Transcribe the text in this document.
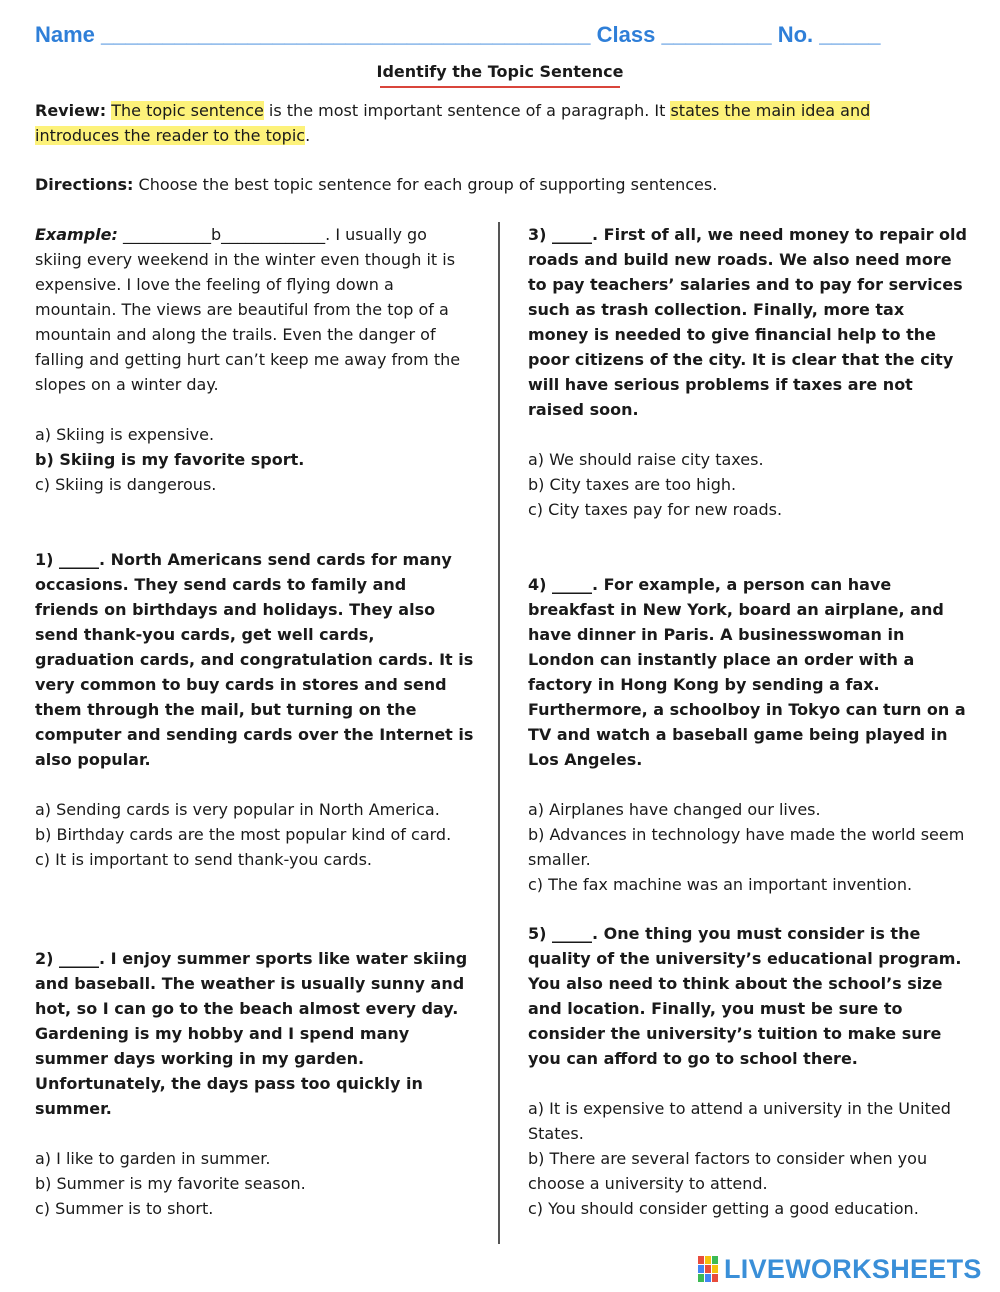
Name ________________________________________ Class _________ No. _____
Identify the Topic Sentence
Review: The topic sentence is the most important sentence of a paragraph. It states the main idea and introduces the reader to the topic.
Directions: Choose the best topic sentence for each group of supporting sentences.

Example: ___________b_____________. I usually go skiing every weekend in the winter even though it is expensive. I love the feeling of flying down a mountain. The views are beautiful from the top of a mountain and along the trails. Even the danger of falling and getting hurt can’t keep me away from the slopes on a winter day.

a) Skiing is expensive.
b) Skiing is my favorite sport.
c) Skiing is dangerous.

1) _____. North Americans send cards for many occasions. They send cards to family and friends on birthdays and holidays. They also send thank-you cards, get well cards, graduation cards, and congratulation cards. It is very common to buy cards in stores and send them through the mail, but turning on the computer and sending cards over the Internet is also popular.

a) Sending cards is very popular in North America.
b) Birthday cards are the most popular kind of card.
c) It is important to send thank-you cards.

2) _____. I enjoy summer sports like water skiing and baseball. The weather is usually sunny and hot, so I can go to the beach almost every day. Gardening is my hobby and I spend many summer days working in my garden. Unfortunately, the days pass too quickly in summer.

a) I like to garden in summer.
b) Summer is my favorite season.
c) Summer is to short.

3) _____. First of all, we need money to repair old roads and build new roads. We also need more to pay teachers’ salaries and to pay for services such as trash collection. Finally, more tax money is needed to give financial help to the poor citizens of the city. It is clear that the city will have serious problems if taxes are not raised soon.

a) We should raise city taxes.
b) City taxes are too high.
c) City taxes pay for new roads.

4) _____. For example, a person can have breakfast in New York, board an airplane, and have dinner in Paris. A businesswoman in London can instantly place an order with a factory in Hong Kong by sending a fax. Furthermore, a schoolboy in Tokyo can turn on a TV and watch a baseball game being played in Los Angeles.

a) Airplanes have changed our lives.
b) Advances in technology have made the world seem smaller.
c) The fax machine was an important invention.

5) _____. One thing you must consider is the quality of the university’s educational program. You also need to think about the school’s size and location. Finally, you must be sure to consider the university’s tuition to make sure you can afford to go to school there.

a) It is expensive to attend a university in the United States.
b) There are several factors to consider when you choose a university to attend.
c) You should consider getting a good education.
LIVEWORKSHEETS
